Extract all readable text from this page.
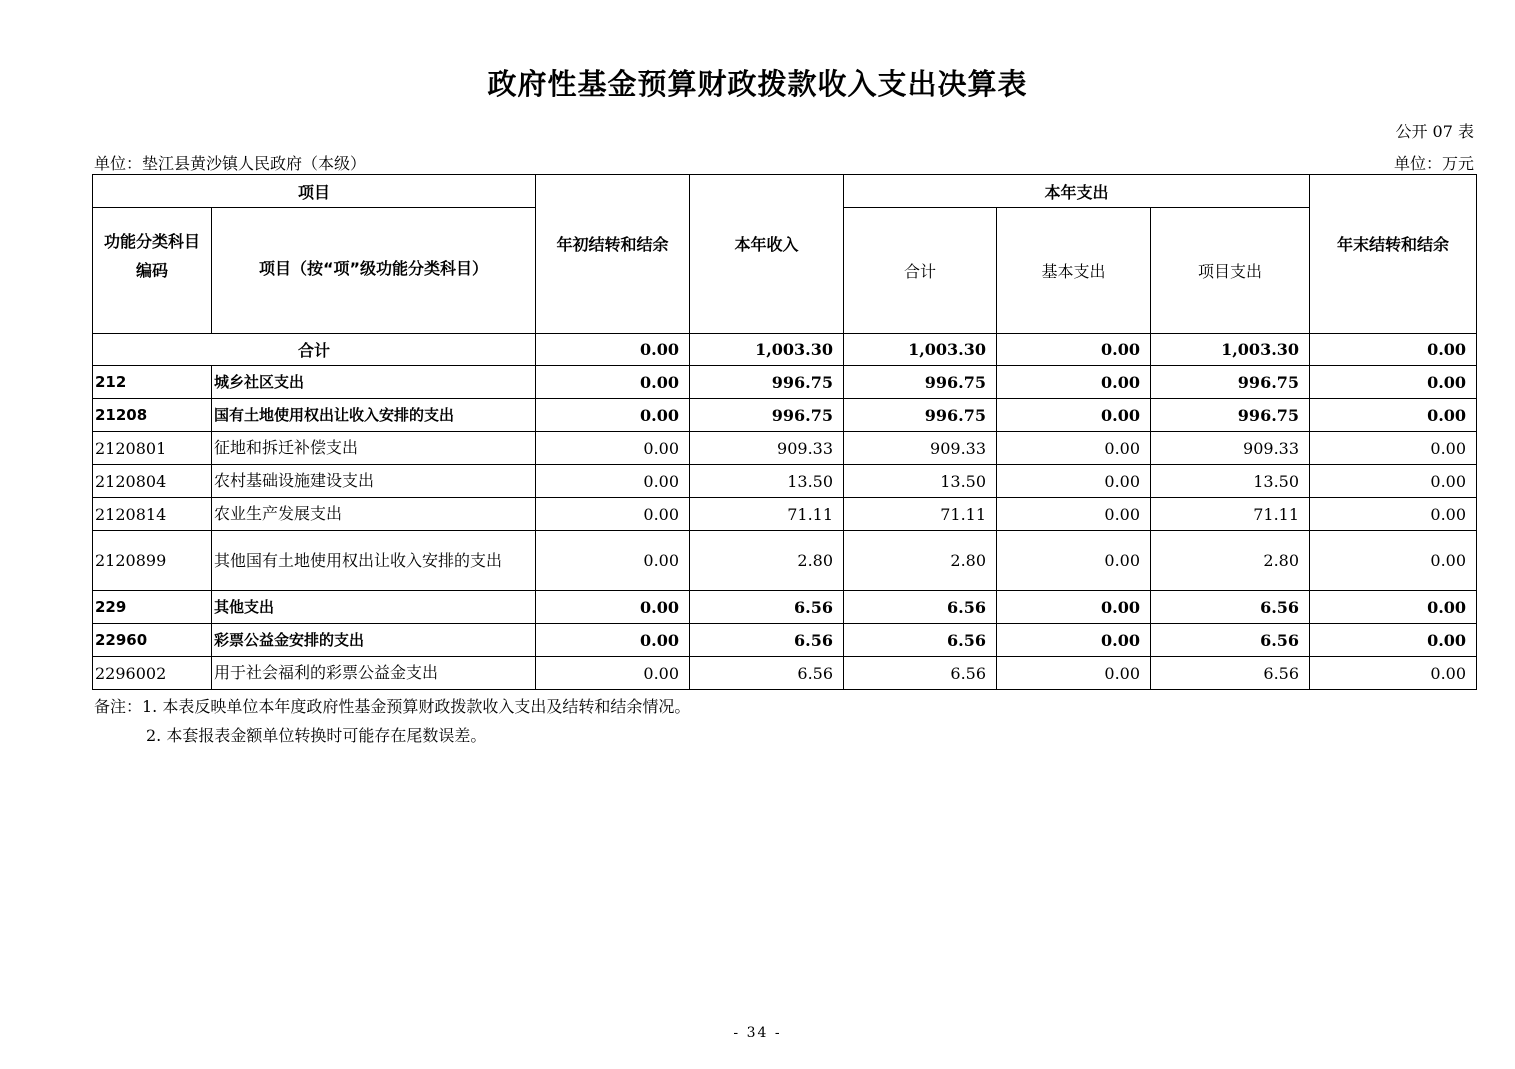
政府性基金预算财政拨款收入支出决算表
公开 07 表
单位：垫江县黄沙镇人民政府（本级）	单位：万元
项目		年初结转和结余	本年收入	本年支出			年末结转和结余
功能分类科目编码	项目（按“项”级功能分类科目）			合计	基本支出	项目支出	
合计		0.00	1,003.30	1,003.30	0.00	1,003.30	0.00
212	城乡社区支出	0.00	996.75	996.75	0.00	996.75	0.00
21208	国有土地使用权出让收入安排的支出	0.00	996.75	996.75	0.00	996.75	0.00
2120801	征地和拆迁补偿支出	0.00	909.33	909.33	0.00	909.33	0.00
2120804	农村基础设施建设支出	0.00	13.50	13.50	0.00	13.50	0.00
2120814	农业生产发展支出	0.00	71.11	71.11	0.00	71.11	0.00
2120899	其他国有土地使用权出让收入安排的支出	0.00	2.80	2.80	0.00	2.80	0.00
229	其他支出	0.00	6.56	6.56	0.00	6.56	0.00
22960	彩票公益金安排的支出	0.00	6.56	6.56	0.00	6.56	0.00
2296002	用于社会福利的彩票公益金支出	0.00	6.56	6.56	0.00	6.56	0.00
备注：1. 本表反映单位本年度政府性基金预算财政拨款收入支出及结转和结余情况。
2. 本套报表金额单位转换时可能存在尾数误差。
- 34 -
